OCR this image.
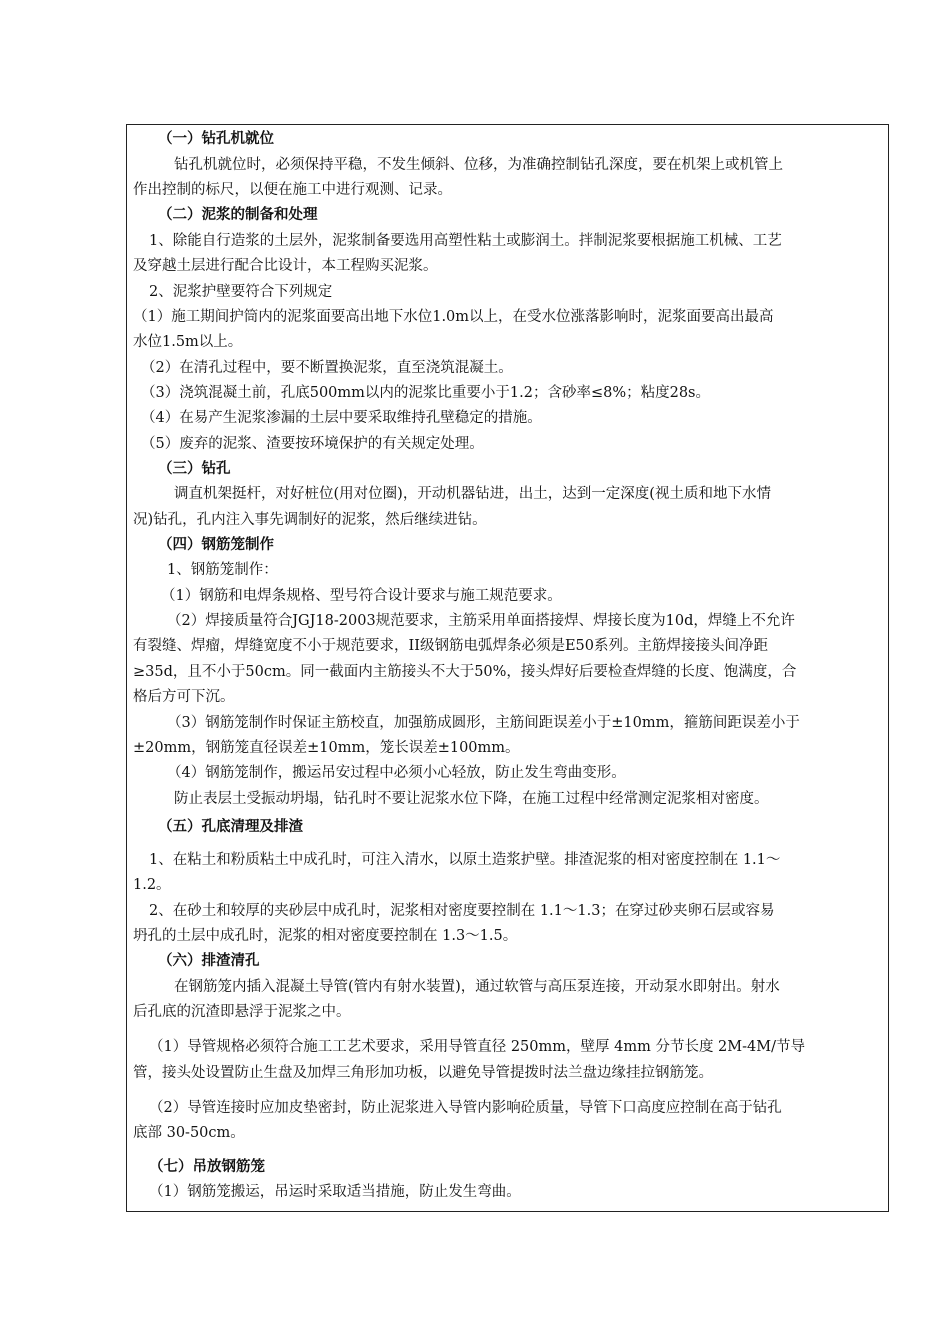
（一）钻孔机就位

钻孔机就位时，必须保持平稳，不发生倾斜、位移，为准确控制钻孔深度，要在机架上或机管上

作出控制的标尺，以便在施工中进行观测、记录。

（二）泥浆的制备和处理

1、除能自行造浆的土层外，泥浆制备要选用高塑性粘土或膨润土。拌制泥浆要根据施工机械、工艺

及穿越土层进行配合比设计，本工程购买泥浆。

2、泥浆护壁要符合下列规定

（1）施工期间护筒内的泥浆面要高出地下水位1.0m以上，在受水位涨落影响时，泥浆面要高出最高

水位1.5m以上。

（2）在清孔过程中，要不断置换泥浆，直至浇筑混凝土。

（3）浇筑混凝土前，孔底500mm以内的泥浆比重要小于1.2；含砂率≤8%；粘度28s。

（4）在易产生泥浆渗漏的土层中要采取维持孔壁稳定的措施。

（5）废弃的泥浆、渣要按环境保护的有关规定处理。

（三）钻孔

调直机架挺杆，对好桩位(用对位圈)，开动机器钻进，出土，达到一定深度(视土质和地下水情

况)钻孔，孔内注入事先调制好的泥浆，然后继续进钻。

（四）钢筋笼制作

1、钢筋笼制作：

（1）钢筋和电焊条规格、型号符合设计要求与施工规范要求。

（2）焊接质量符合JGJ18-2003规范要求，主筋采用单面搭接焊、焊接长度为10d，焊缝上不允许

有裂缝、焊瘤，焊缝宽度不小于规范要求，II级钢筋电弧焊条必须是E50系列。主筋焊接接头间净距

≥35d，且不小于50cm。同一截面内主筋接头不大于50%，接头焊好后要检查焊缝的长度、饱满度，合

格后方可下沉。

（3）钢筋笼制作时保证主筋校直，加强筋成圆形，主筋间距误差小于±10mm，箍筋间距误差小于

±20mm，钢筋笼直径误差±10mm，笼长误差±100mm。

（4）钢筋笼制作，搬运吊安过程中必须小心轻放，防止发生弯曲变形。

防止表层土受振动坍塌，钻孔时不要让泥浆水位下降，在施工过程中经常测定泥浆相对密度。

（五）孔底清理及排渣

1、在粘土和粉质粘土中成孔时，可注入清水，以原土造浆护壁。排渣泥浆的相对密度控制在 1.1～

1.2。

2、在砂土和较厚的夹砂层中成孔时，泥浆相对密度要控制在 1.1～1.3；在穿过砂夹卵石层或容易

坍孔的土层中成孔时，泥浆的相对密度要控制在 1.3～1.5。

（六）排渣清孔

在钢筋笼内插入混凝土导管(管内有射水装置)，通过软管与高压泵连接，开动泵水即射出。射水

后孔底的沉渣即悬浮于泥浆之中。

（1）导管规格必须符合施工工艺术要求，采用导管直径 250mm，壁厚 4mm 分节长度 2M-4M/节导

管，接头处设置防止生盘及加焊三角形加功板，以避免导管提拨时法兰盘边缘挂拉钢筋笼。

（2）导管连接时应加皮垫密封，防止泥浆进入导管内影响砼质量，导管下口高度应控制在高于钻孔

底部 30-50cm。

（七）吊放钢筋笼

（1）钢筋笼搬运，吊运时采取适当措施，防止发生弯曲。
